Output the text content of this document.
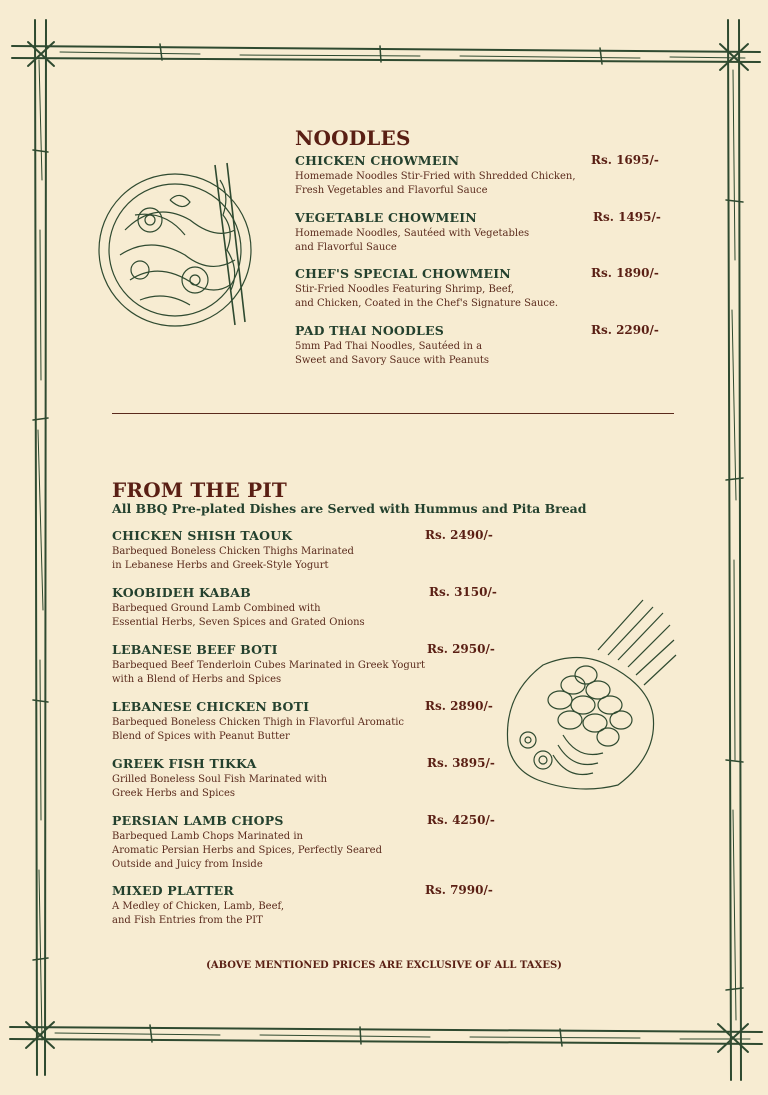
NOODLES
CHICKEN CHOWMEIN
Homemade Noodles Stir-Fried with Shredded Chicken,
Fresh Vegetables and Flavorful Sauce
Rs. 1695/-
VEGETABLE CHOWMEIN
Homemade Noodles, Sautéed with Vegetables
and Flavorful Sauce
Rs. 1495/-
CHEF'S SPECIAL CHOWMEIN
Stir-Fried Noodles Featuring Shrimp, Beef,
and Chicken, Coated in the Chef's Signature Sauce.
Rs. 1890/-
PAD THAI NOODLES
5mm Pad Thai Noodles, Sautéed in a
Sweet and Savory Sauce with Peanuts
Rs. 2290/-
FROM THE PIT
All BBQ Pre-plated Dishes are Served with Hummus and Pita Bread
CHICKEN SHISH TAOUK
Barbequed Boneless Chicken Thighs Marinated
in Lebanese Herbs and Greek-Style Yogurt
Rs. 2490/-
KOOBIDEH KABAB
Barbequed Ground Lamb Combined with
Essential Herbs, Seven Spices and Grated Onions
Rs. 3150/-
LEBANESE BEEF BOTI
Barbequed Beef Tenderloin Cubes Marinated in Greek Yogurt
with a Blend of Herbs and Spices
Rs. 2950/-
LEBANESE CHICKEN BOTI
Barbequed Boneless Chicken Thigh in Flavorful Aromatic
Blend of Spices with Peanut Butter
Rs. 2890/-
GREEK FISH TIKKA
Grilled Boneless Soul Fish Marinated with
Greek Herbs and Spices
Rs. 3895/-
PERSIAN LAMB CHOPS
Barbequed Lamb Chops Marinated in
Aromatic Persian Herbs and Spices, Perfectly Seared
Outside and Juicy from Inside
Rs. 4250/-
MIXED PLATTER
A Medley of Chicken, Lamb, Beef,
and Fish Entries from the PIT
Rs. 7990/-
(ABOVE MENTIONED PRICES ARE EXCLUSIVE OF ALL TAXES)
